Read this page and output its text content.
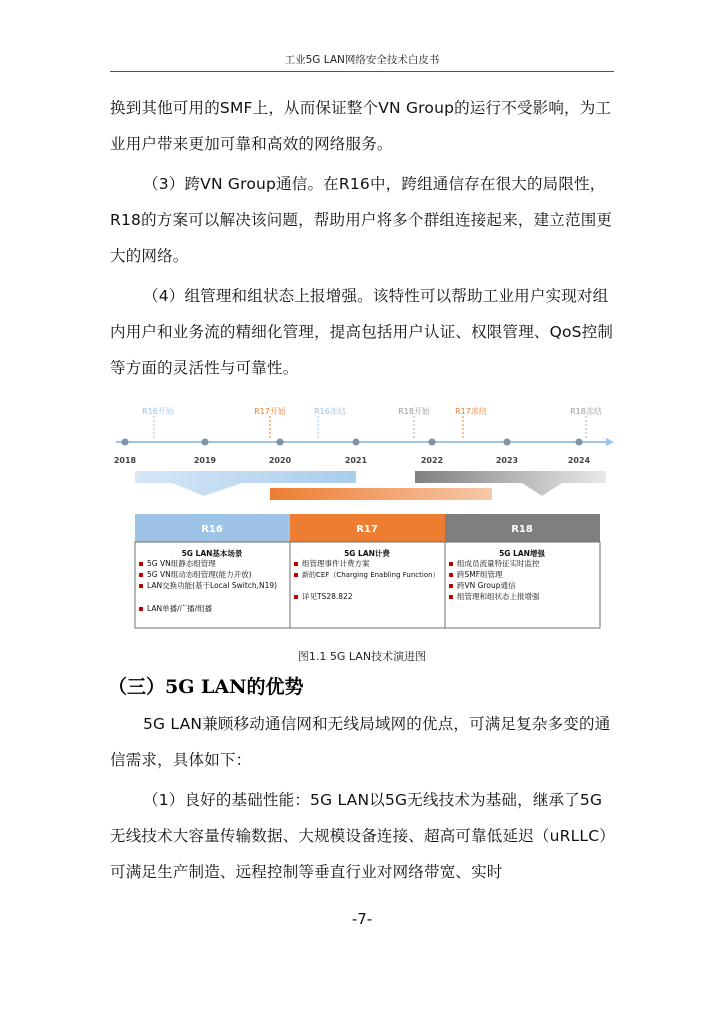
工业5G LAN网络安全技术白皮书

换到其他可用的SMF上，从而保证整个VN Group的运行不受影响，为工业用户带来更加可靠和高效的网络服务。

（3）跨VN Group通信。在R16中，跨组通信存在很大的局限性，R18的方案可以解决该问题，帮助用户将多个群组连接起来，建立范围更大的网络。

（4）组管理和组状态上报增强。该特性可以帮助工业用户实现对组内用户和业务流的精细化管理，提高包括用户认证、权限管理、QoS控制等方面的灵活性与可靠性。

2018	2019	2020	2021	2022	2023	2024
R16开始	R17开始	R16冻结	R18开始	R17冻结	R18冻结
R16	R17	R18
5G LAN基本场景
5G VN组静态组管理
5G VN组动态组管理(能力开放)
LAN交换功能(基于Local Switch,N19)
LAN单播/广播/组播
5G LAN计费
组管理事件计费方案
新的CEF（Charging Enabling Function）
详见TS28.822
5G LAN增强
组成员流量特征实时监控
跨SMF组管理
跨VN Group通信
组管理和组状态上报增强
图1.1 5G LAN技术演进图
（三）5G LAN的优势

5G LAN兼顾移动通信网和无线局域网的优点，可满足复杂多变的通信需求，具体如下：

（1）良好的基础性能：5G LAN以5G无线技术为基础，继承了5G无线技术大容量传输数据、大规模设备连接、超高可靠低延迟（uRLLC）可满足生产制造、远程控制等垂直行业对网络带宽、实时

-7-
